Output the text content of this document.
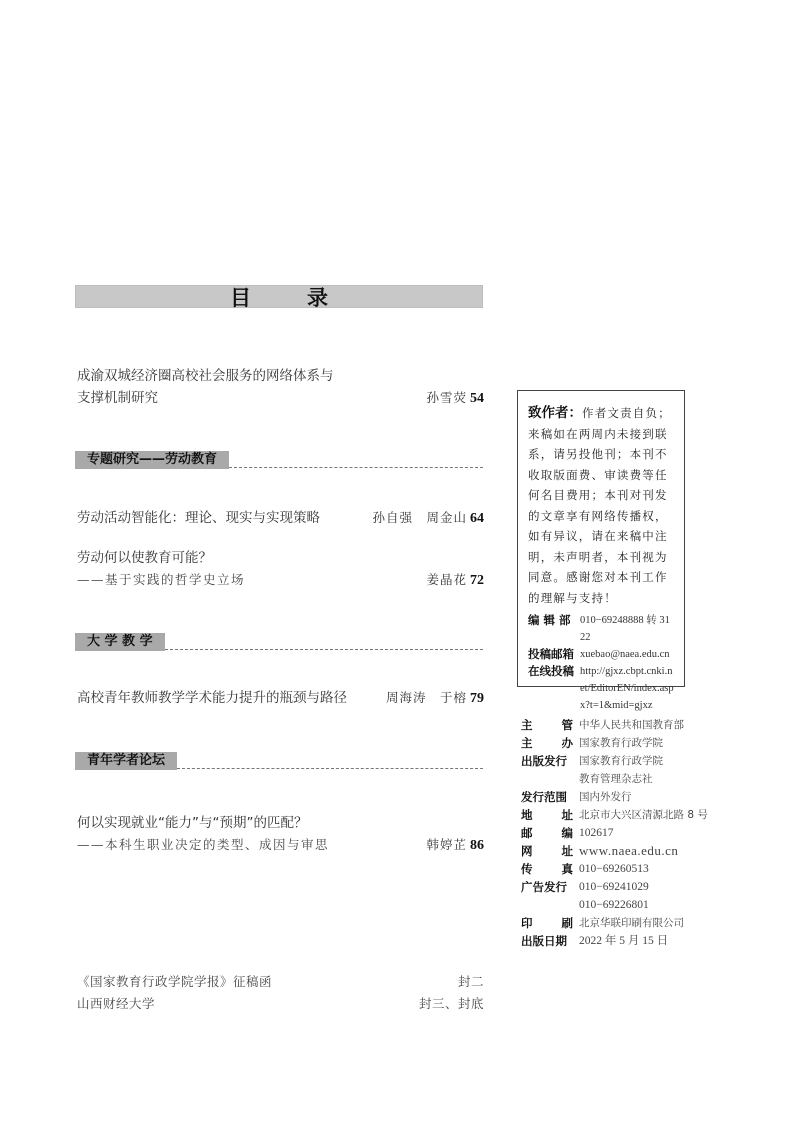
目	录
成渝双城经济圈高校社会服务的网络体系与
支撑机制研究	孙雪荧 54
专题研究——劳动教育
劳动活动智能化：理论、现实与实现策略	孙自强　周金山 64
劳动何以使教育可能？
——基于实践的哲学史立场	姜晶花 72
大 学 教 学
高校青年教师教学学术能力提升的瓶颈与路径	周海涛　于榕 79
青年学者论坛
何以实现就业“能力”与“预期”的匹配？
——本科生职业决定的类型、成因与审思	韩婷芷 86
《国家教育行政学院学报》征稿函	封二
山西财经大学	封三、封底
致作者：作者文责自负；来稿如在两周内未接到联系，请另投他刊；本刊不收取版面费、审读费等任何名目费用；本刊对刊发的文章享有网络传播权，如有异议，请在来稿中注明，未声明者，本刊视为同意。感谢您对本刊工作的理解与支持！
编 辑 部 010−69248888 转 3122
投稿邮箱 xuebao@naea.edu.cn
在线投稿 http://gjxz.cbpt.cnki.net/EditorEN/index.aspx?t=1&mid=gjxz
主	管 中华人民共和国教育部
主	办 国家教育行政学院
出版发行 国家教育行政学院
教育管理杂志社
发行范围 国内外发行
地	址 北京市大兴区清源北路 8 号
邮	编 102617
网	址 www.naea.edu.cn
传	真 010−69260513
广告发行 010−69241029
010−69226801
印	刷 北京华联印刷有限公司
出版日期 2022 年 5 月 15 日
